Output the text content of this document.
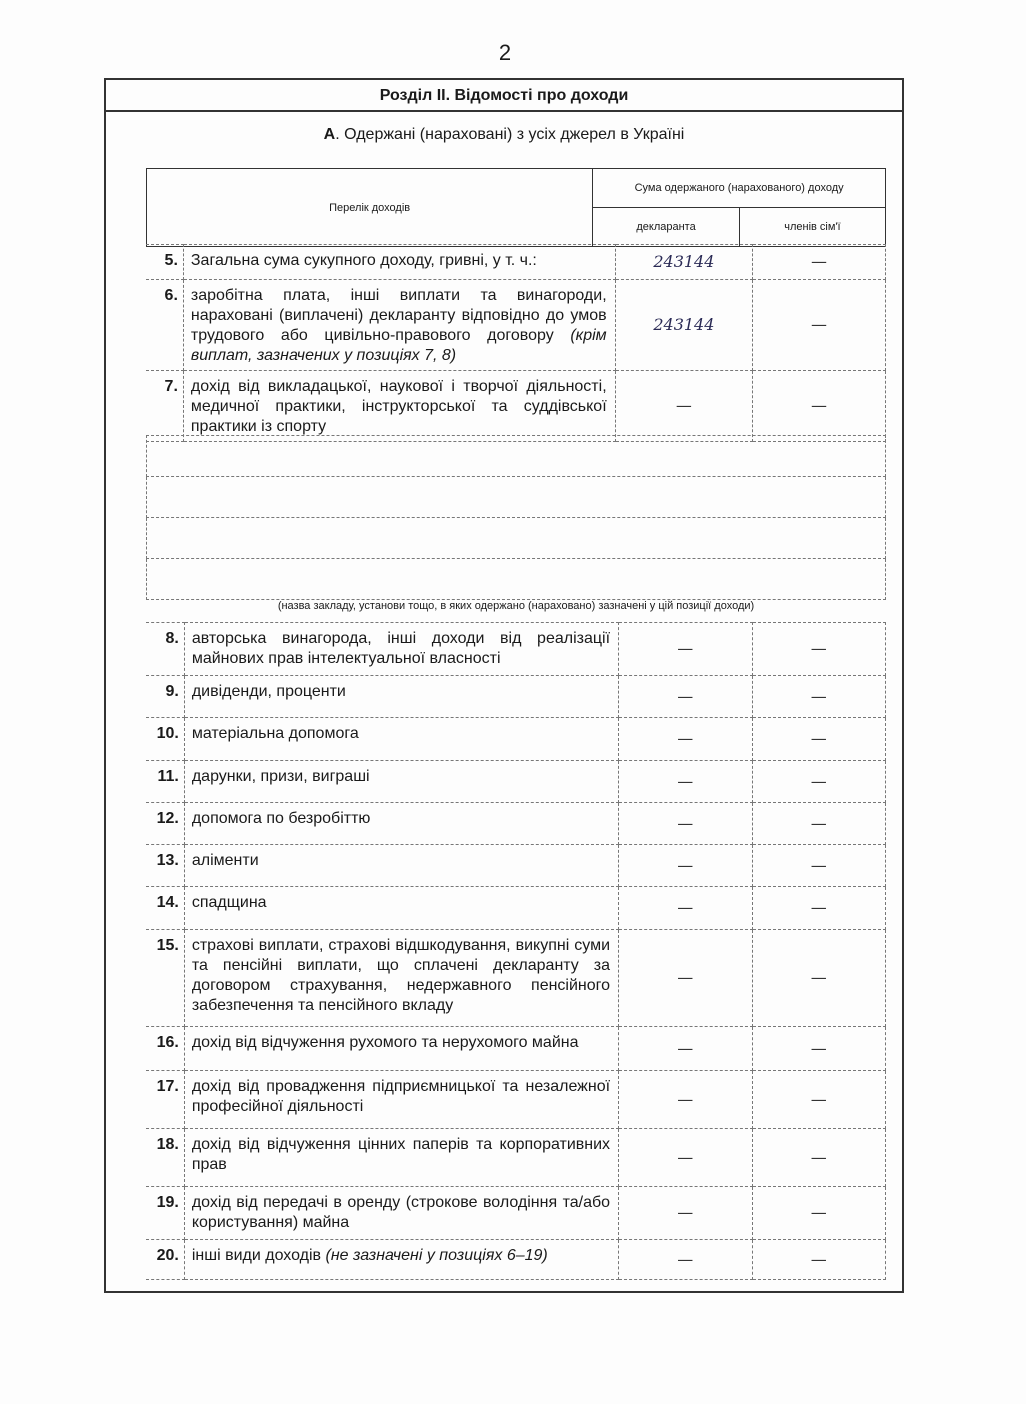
2
Розділ ІІ. Відомості про доходи
А. Одержані (нараховані) з усіх джерел в Україні
Перелік доходів	Сума одержаного (нарахованого) доходу	
	декларанта	членів сім'ї
5.	Загальна сума сукупного доходу, гривні, у т. ч.:	243144	—
6.	заробітна плата, інші виплати та винагороди, нараховані (виплачені) декларанту відповідно до умов трудового або цивільно-правового договору (крім виплат, зазначених у позиціях 7, 8)	243144	—
7.	дохід від викладацької, наукової і творчої діяльності, медичної практики, інструкторської та суддівської практики із спорту	—	—

(назва закладу, установи тощо, в яких одержано (нараховано) зазначені у цій позиції доходи)
8.	авторська винагорода, інші доходи від реалізації майнових прав інтелектуальної власності	—	—
9.	дивіденди, проценти	—	—
10.	матеріальна допомога	—	—
11.	дарунки, призи, виграші	—	—
12.	допомога по безробіттю	—	—
13.	аліменти	—	—
14.	спадщина	—	—
15.	страхові виплати, страхові відшкодування, викупні суми та пенсійні виплати, що сплачені декларанту за договором страхування, недержавного пенсійного забезпечення та пенсійного вкладу	—	—
16.	дохід від відчуження рухомого та нерухомого майна	—	—
17.	дохід від провадження підприємницької та незалежної професійної діяльності	—	—
18.	дохід від відчуження цінних паперів та корпоративних прав	—	—
19.	дохід від передачі в оренду (строкове володіння та/або користування) майна	—	—
20.	інші види доходів (не зазначені у позиціях 6–19)	—	—
